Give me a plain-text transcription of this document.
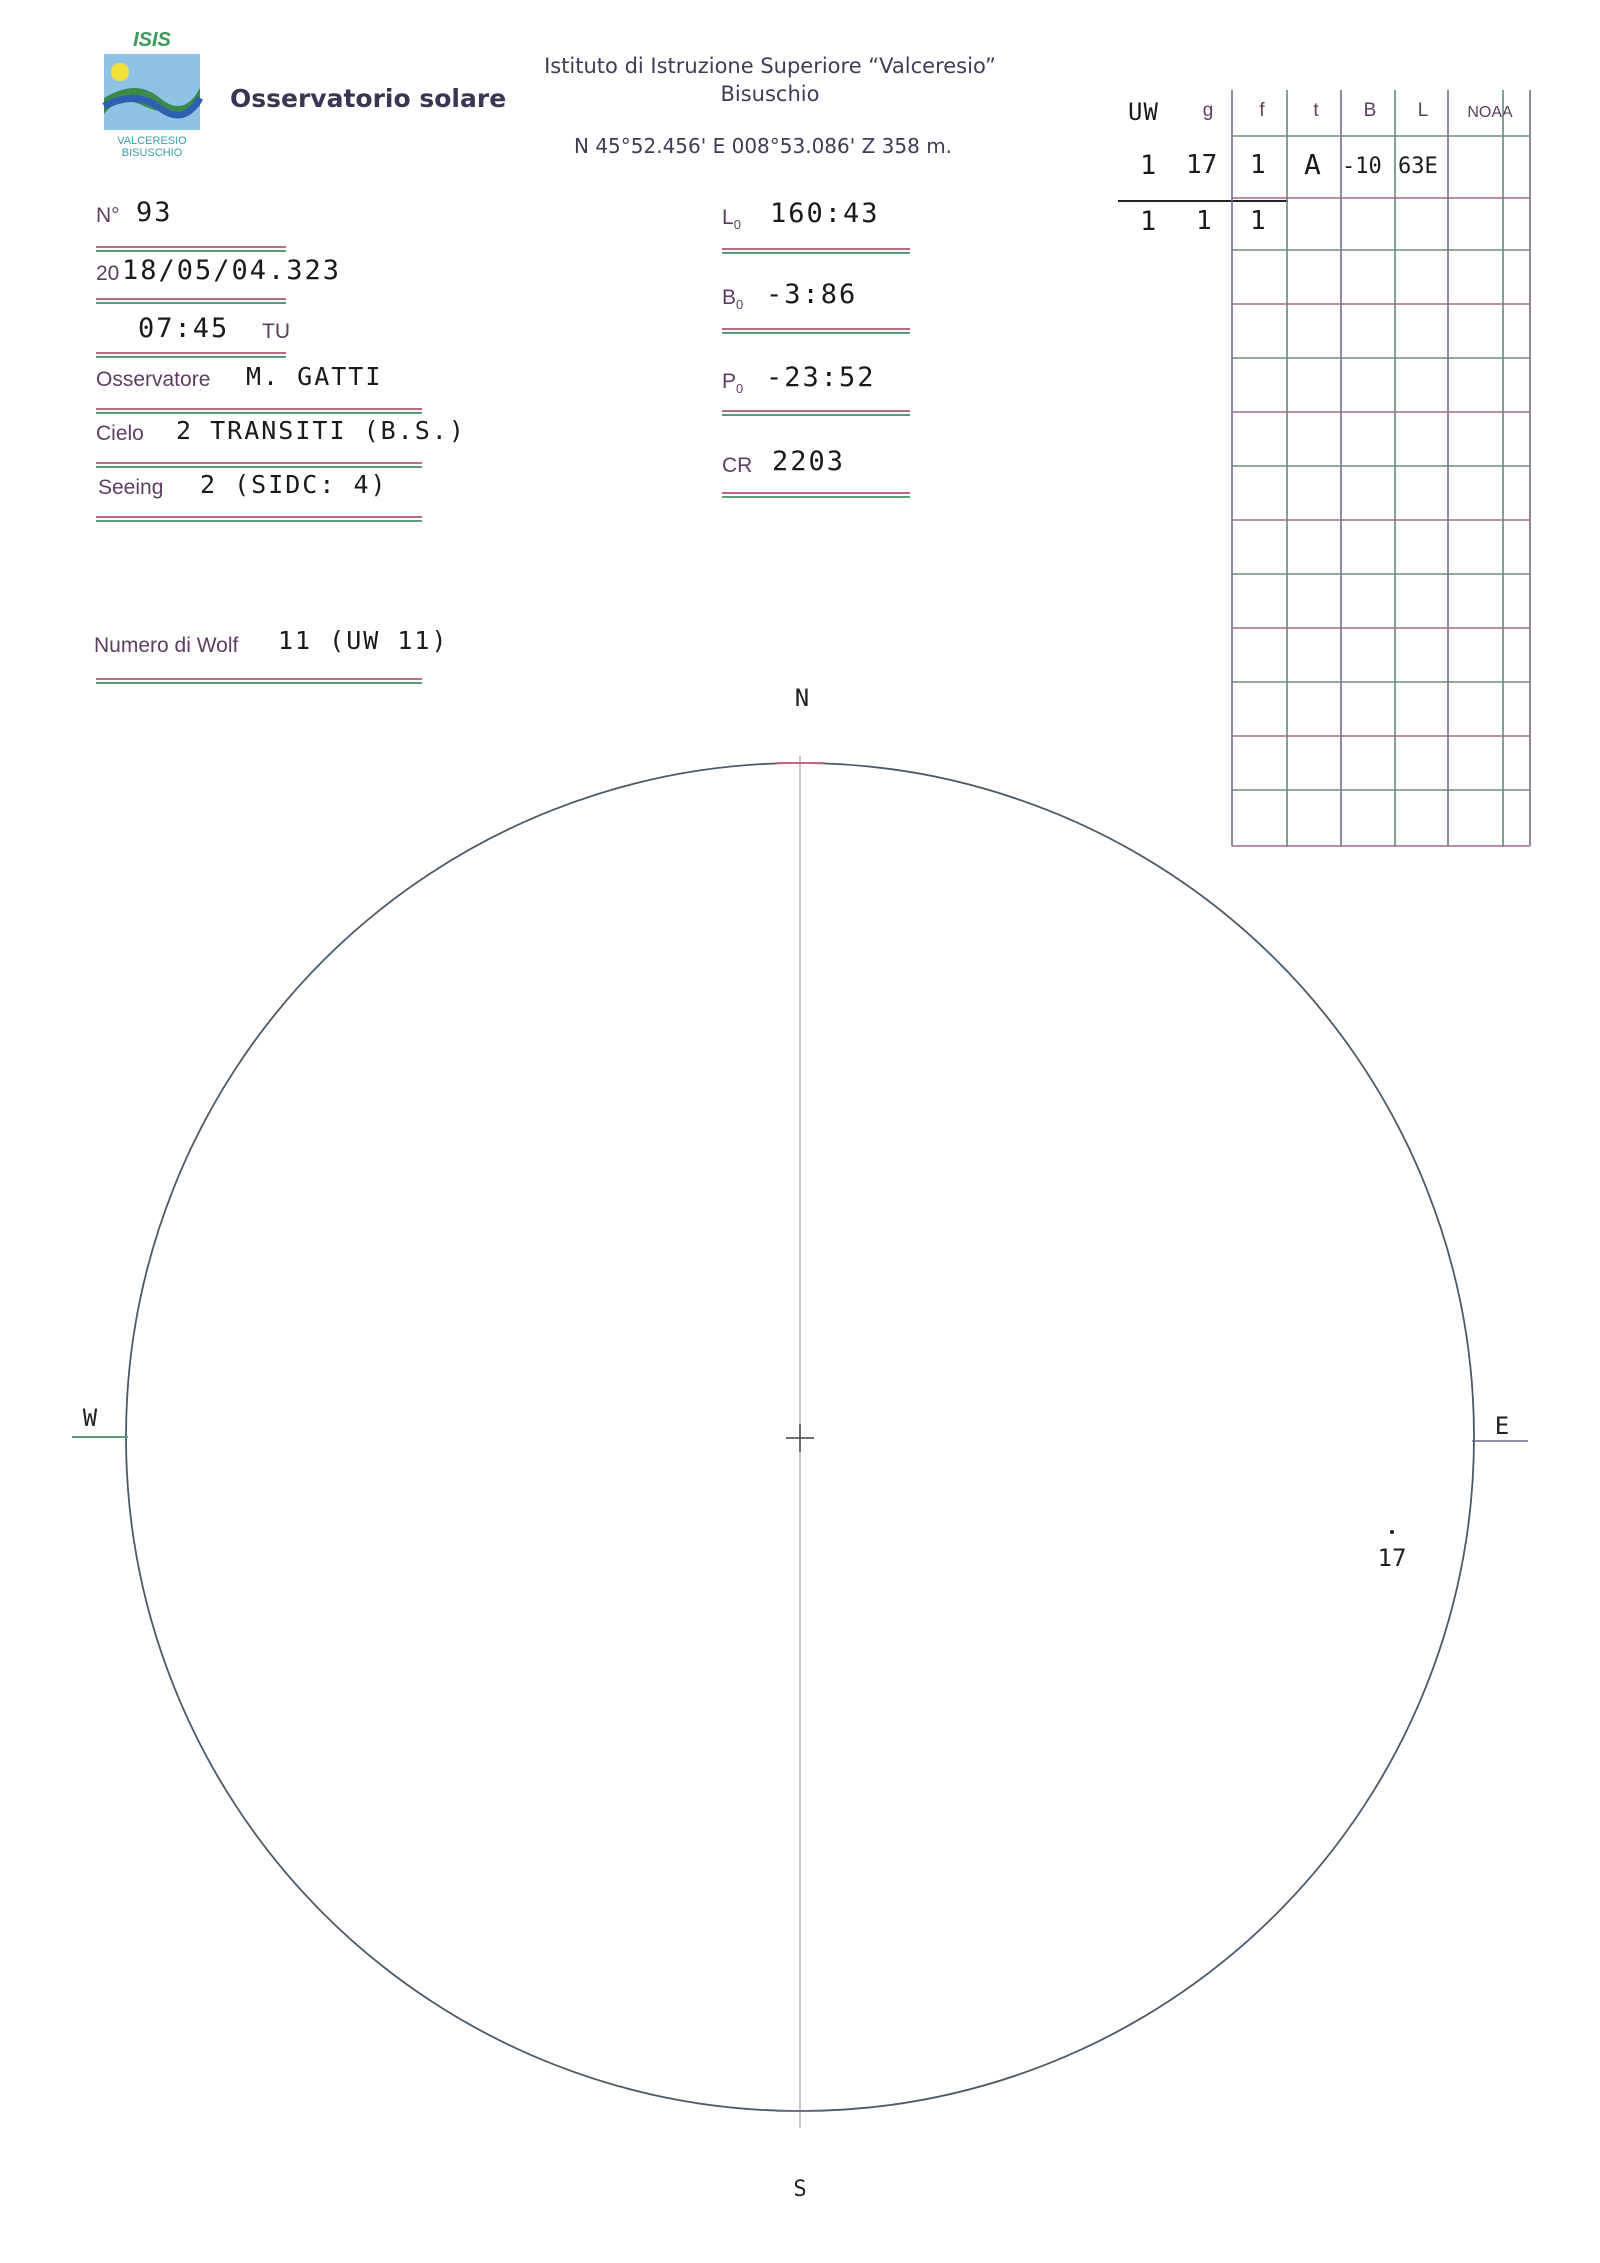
ISIS
VALCERESIO
BISUSCHIO
Osservatorio solare
Istituto di Istruzione Superiore “Valceresio”
Bisuschio
N 45°52.456' E 008°53.086' Z 358 m.
N° 93
20 18/05/04.323
07:45 TU
Osservatore M. GATTI
Cielo 2 TRANSITI (B.S.)
Seeing 2 (SIDC: 4)
Numero di Wolf 11 (UW 11)
$L_0$ 160:43
$B_0$ -3:86
$P_0$ -23:52
CR 2203
UW g f	t B L	NOAA
1 17 1 A -10 63E
1 1 1
N
S
W	E
17
